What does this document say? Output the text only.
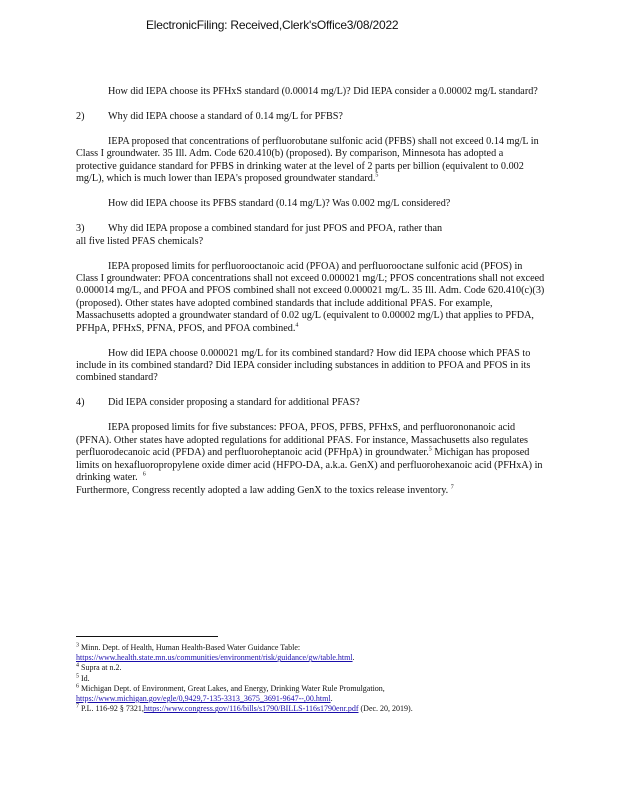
ElectronicFiling: Received,Clerk'sOffice3/08/2022

How did IEPA choose its PFHxS standard (0.00014 mg/L)? Did IEPA consider a 0.00002 mg/L standard?

2)	Why did IEPA choose a standard of 0.14 mg/L for PFBS?

IEPA proposed that concentrations of perfluorobutane sulfonic acid (PFBS) shall not exceed 0.14 mg/L in Class I groundwater. 35 Ill. Adm. Code 620.410(b) (proposed). By comparison, Minnesota has adopted a protective guidance standard for PFBS in drinking water at the level of 2 parts per billion (equivalent to 0.002 mg/L), which is much lower than IEPA's proposed groundwater standard.$^5$

How did IEPA choose its PFBS standard (0.14 mg/L)? Was 0.002 mg/L considered?

3)	Why did IEPA propose a combined standard for just PFOS and PFOA, rather than
all five listed PFAS chemicals?

IEPA proposed limits for perfluorooctanoic acid (PFOA) and perfluorooctane sulfonic acid (PFOS) in Class I groundwater: PFOA concentrations shall not exceed 0.000021 mg/L; PFOS concentrations shall not exceed 0.000014 mg/L, and PFOA and PFOS combined shall not exceed 0.000021 mg/L. 35 Ill. Adm. Code 620.410(c)(3) (proposed). Other states have adopted combined standards that include additional PFAS. For example, Massachusetts adopted a groundwater standard of 0.02 ug/L (equivalent to 0.00002 mg/L) that applies to PFDA, PFHpA, PFHxS, PFNA, PFOS, and PFOA combined.$^4$

How did IEPA choose 0.000021 mg/L for its combined standard? How did IEPA choose which PFAS to include in its combined standard? Did IEPA consider including substances in addition to PFOA and PFOS in its combined standard?

4)	Did IEPA consider proposing a standard for additional PFAS?

IEPA proposed limits for five substances: PFOA, PFOS, PFBS, PFHxS, and perfluorononanoic acid (PFNA). Other states have adopted regulations for additional PFAS. For instance, Massachusetts also regulates perfluorodecanoic acid (PFDA) and perfluoroheptanoic acid (PFHpA) in groundwater.$^5$ Michigan has proposed limits on hexafluoropropylene oxide dimer acid (HFPO-DA, a.k.a. GenX) and perfluorohexanoic acid (PFHxA) in drinking water. $^6$
Furthermore, Congress recently adopted a law adding GenX to the toxics release inventory. $^7$

$^3$ Minn. Dept. of Health, Human Health-Based Water Guidance Table:
https://www.health.state.mn.us/communities/environment/risk/guidance/gw/table.html.
$^4$ Supra at n.2.
$^5$ Id.
$^6$ Michigan Dept. of Environment, Great Lakes, and Energy, Drinking Water Rule Promulgation,
https://www.michigan.gov/egle/0,9429,7-135-3313_3675_3691-9647--,00.html.
$^7$ P.L. 116-92 § 7321,https://www.congress.gov/116/bills/s1790/BILLS-116s1790enr.pdf (Dec. 20, 2019).
